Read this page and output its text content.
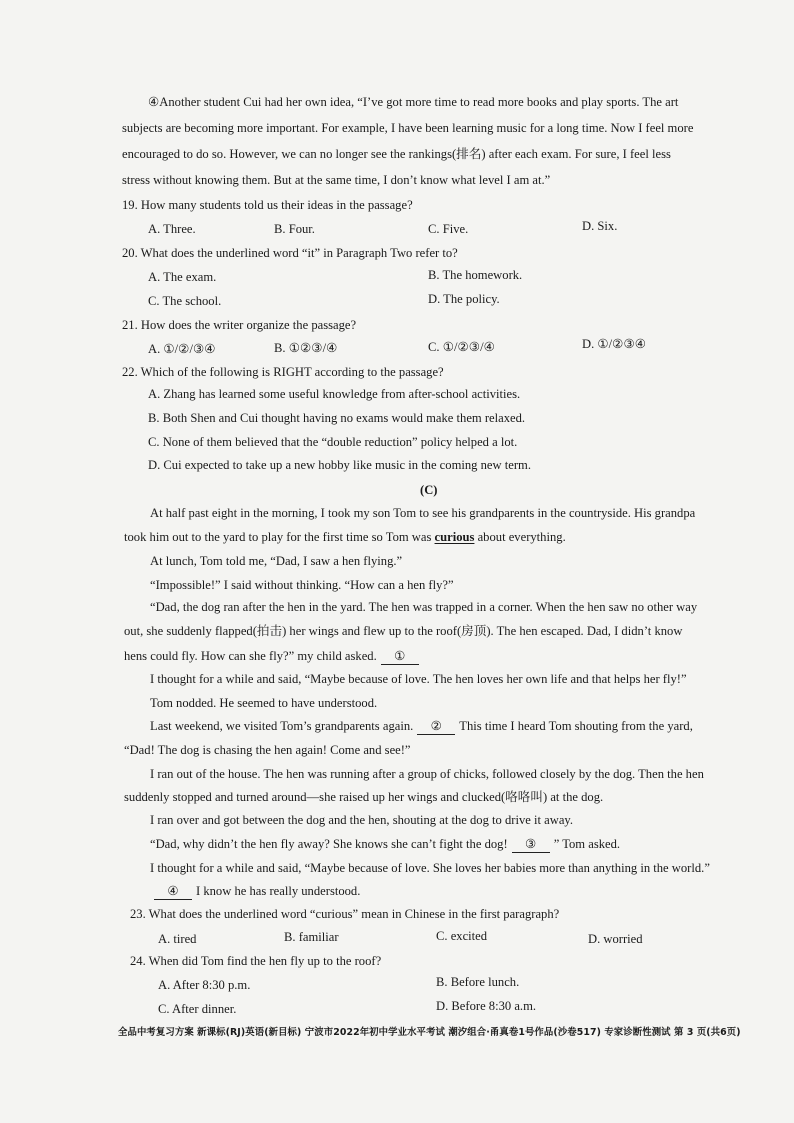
④Another student Cui had her own idea, “I’ve got more time to read more books and play sports. The art
subjects are becoming more important. For example, I have been learning music for a long time. Now I feel more
encouraged to do so. However, we can no longer see the rankings(排名) after each exam. For sure, I feel less
stress without knowing them. But at the same time, I don’t know what level I am at.”
19. How many students told us their ideas in the passage?
A. Three.	B. Four.	C. Five.	D. Six.
20. What does the underlined word “it” in Paragraph Two refer to?
A. The exam.	B. The homework.
C. The school.	D. The policy.
21. How does the writer organize the passage?
A. ①/②/③④	B. ①②③/④	C. ①/②③/④	D. ①/②③④
22. Which of the following is RIGHT according to the passage?
A. Zhang has learned some useful knowledge from after-school activities.
B. Both Shen and Cui thought having no exams would make them relaxed.
C. None of them believed that the “double reduction” policy helped a lot.
D. Cui expected to take up a new hobby like music in the coming new term.
(C)
At half past eight in the morning, I took my son Tom to see his grandparents in the countryside. His grandpa
took him out to the yard to play for the first time so Tom was curious about everything.
At lunch, Tom told me, “Dad, I saw a hen flying.”
“Impossible!” I said without thinking. “How can a hen fly?”
“Dad, the dog ran after the hen in the yard. The hen was trapped in a corner. When the hen saw no other way
out, she suddenly flapped(拍击) her wings and flew up to the roof(房顶). The hen escaped. Dad, I didn’t know
hens could fly. How can she fly?” my child asked. ①
I thought for a while and said, “Maybe because of love. The hen loves her own life and that helps her fly!”
Tom nodded. He seemed to have understood.
Last weekend, we visited Tom’s grandparents again. ② This time I heard Tom shouting from the yard,
“Dad! The dog is chasing the hen again! Come and see!”
I ran out of the house. The hen was running after a group of chicks, followed closely by the dog. Then the hen
suddenly stopped and turned around—she raised up her wings and clucked(咯咯叫) at the dog.
I ran over and got between the dog and the hen, shouting at the dog to drive it away.
“Dad, why didn’t the hen fly away? She knows she can’t fight the dog! ③ ” Tom asked.
I thought for a while and said, “Maybe because of love. She loves her babies more than anything in the world.”
④ I know he has really understood.
23. What does the underlined word “curious” mean in Chinese in the first paragraph?
A. tired	B. familiar	C. excited	D. worried
24. When did Tom find the hen fly up to the roof?
A. After 8:30 p.m.	B. Before lunch.
C. After dinner.	D. Before 8:30 a.m.
全品中考复习方案 新课标(RJ)英语(新目标) 宁波市2022年初中学业水平考试 潮汐组合·甬真卷1号作品(沙卷517) 专家诊断性测试 第 3 页(共6页)
